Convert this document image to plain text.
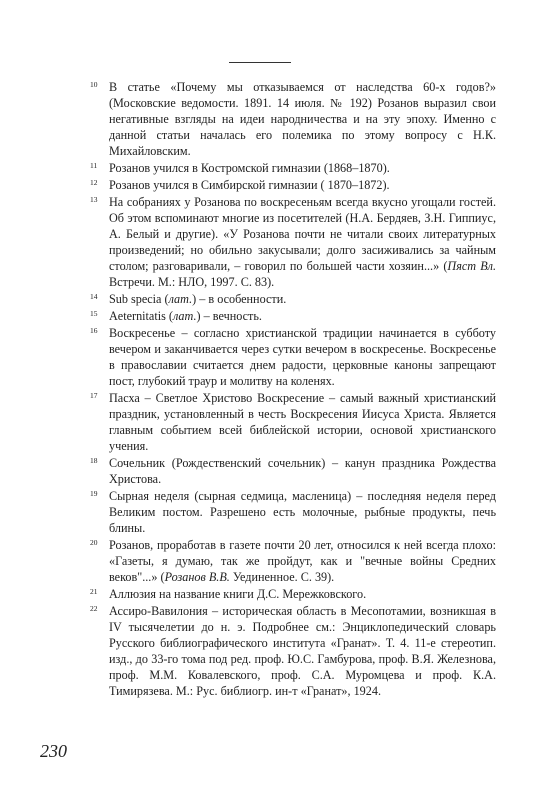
10 В статье «Почему мы отказываемся от наследства 60-х годов?» (Московские ведомости. 1891. 14 июля. № 192) Розанов выразил свои негативные взгляды на идеи народничества и на эту эпоху. Именно с данной статьи началась его полемика по этому вопросу с Н.К. Михайловским.
11 Розанов учился в Костромской гимназии (1868–1870).
12 Розанов учился в Симбирской гимназии ( 1870–1872).
13 На собраниях у Розанова по воскресеньям всегда вкусно угощали гостей. Об этом вспоминают многие из посетителей (Н.А. Бердяев, З.Н. Гиппиус, А. Белый и другие). «У Розанова почти не читали своих литературных произведений; но обильно закусывали; долго засиживались за чайным столом; разговаривали, – говорил по большей части хозяин...» (Пяст Вл. Встречи. М.: НЛО, 1997. С. 83).
14 Sub specia (лат.) – в особенности.
15 Aeternitatis (лат.) – вечность.
16 Воскресенье – согласно христианской традиции начинается в субботу вечером и заканчивается через сутки вечером в воскресенье. Воскресенье в православии считается днем радости, церковные каноны запрещают пост, глубокий траур и молитву на коленях.
17 Пасха – Светлое Христово Воскресение – самый важный христианский праздник, установленный в честь Воскресения Иисуса Христа. Является главным событием всей библейской истории, основой христианского учения.
18 Сочельник (Рождественский сочельник) – канун праздника Рождества Христова.
19 Сырная неделя (сырная седмица, масленица) – последняя неделя перед Великим постом. Разрешено есть молочные, рыбные продукты, печь блины.
20 Розанов, проработав в газете почти 20 лет, относился к ней всегда плохо: «Газеты, я думаю, так же пройдут, как и "вечные войны Средних веков"...» (Розанов В.В. Уединенное. С. 39).
21 Аллюзия на название книги Д.С. Мережковского.
22 Ассиро-Вавилония – историческая область в Месопотамии, возникшая в IV тысячелетии до н. э. Подробнее см.: Энциклопедический словарь Русского библиографического института «Гранат». Т. 4. 11-е стереотип. изд., до 33-го тома под ред. проф. Ю.С. Гамбурова, проф. В.Я. Железнова, проф. М.М. Ковалевского, проф. С.А. Муромцева и проф. К.А. Тимирязева. М.: Рус. библиогр. ин-т «Гранат», 1924.
230
